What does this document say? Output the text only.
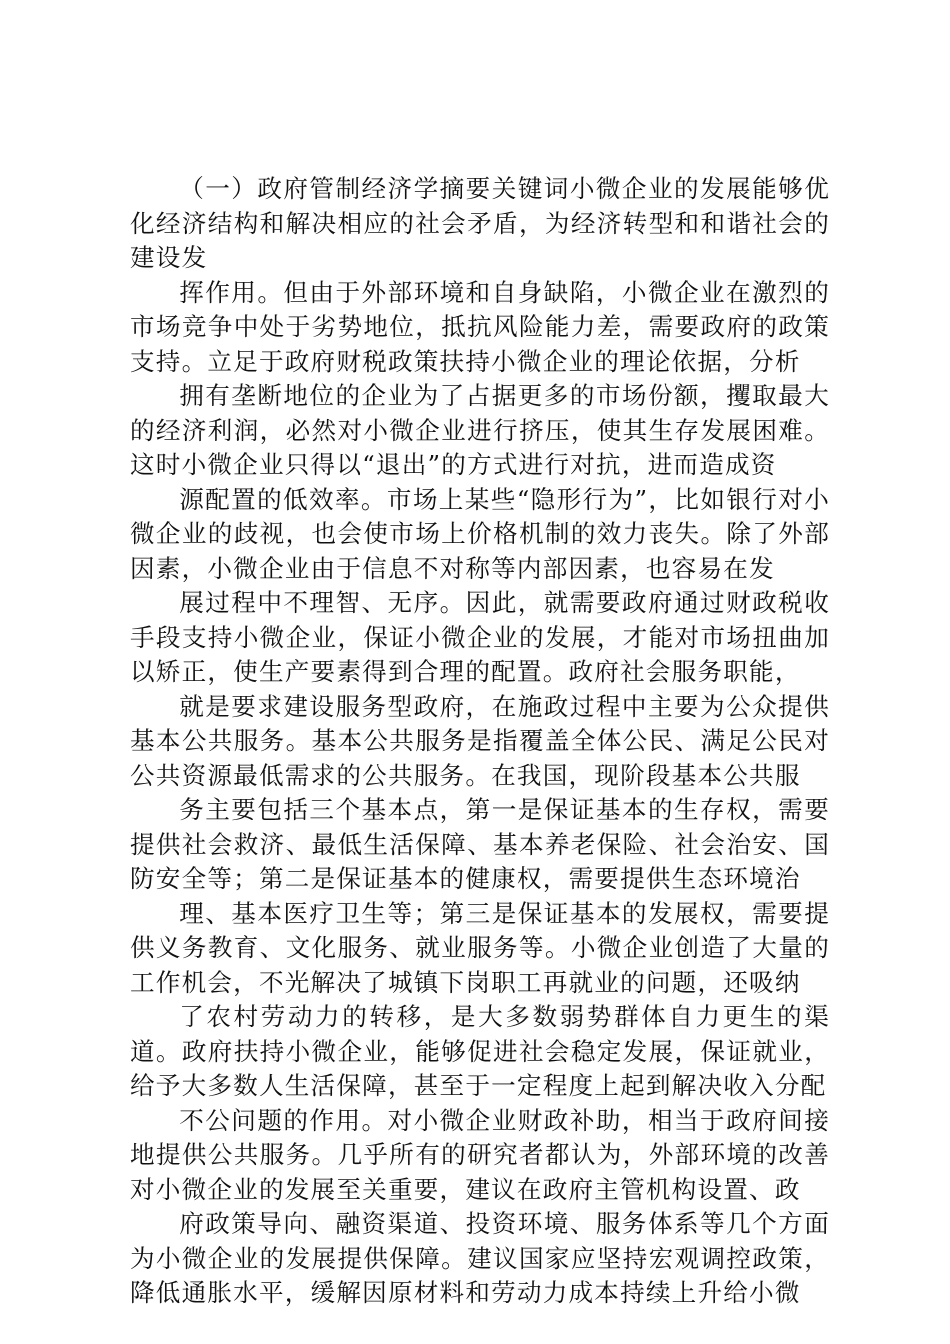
（一）政府管制经济学摘要关键词小微企业的发展能够优化经济结构和解决相应的社会矛盾，为经济转型和和谐社会的建设发

挥作用。但由于外部环境和自身缺陷，小微企业在激烈的市场竞争中处于劣势地位，抵抗风险能力差，需要政府的政策支持。立足于政府财税政策扶持小微企业的理论依据，分析

拥有垄断地位的企业为了占据更多的市场份额，攫取最大的经济利润，必然对小微企业进行挤压，使其生存发展困难。这时小微企业只得以“退出”的方式进行对抗，进而造成资

源配置的低效率。市场上某些“隐形行为”，比如银行对小微企业的歧视，也会使市场上价格机制的效力丧失。除了外部因素，小微企业由于信息不对称等内部因素，也容易在发

展过程中不理智、无序。因此，就需要政府通过财政税收手段支持小微企业，保证小微企业的发展，才能对市场扭曲加以矫正，使生产要素得到合理的配置。政府社会服务职能，

就是要求建设服务型政府，在施政过程中主要为公众提供基本公共服务。基本公共服务是指覆盖全体公民、满足公民对公共资源最低需求的公共服务。在我国，现阶段基本公共服

务主要包括三个基本点，第一是保证基本的生存权，需要提供社会救济、最低生活保障、基本养老保险、社会治安、国防安全等；第二是保证基本的健康权，需要提供生态环境治

理、基本医疗卫生等；第三是保证基本的发展权，需要提供义务教育、文化服务、就业服务等。小微企业创造了大量的工作机会，不光解决了城镇下岗职工再就业的问题，还吸纳

了农村劳动力的转移，是大多数弱势群体自力更生的渠道。政府扶持小微企业，能够促进社会稳定发展，保证就业，给予大多数人生活保障，甚至于一定程度上起到解决收入分配

不公问题的作用。对小微企业财政补助，相当于政府间接地提供公共服务。几乎所有的研究者都认为，外部环境的改善对小微企业的发展至关重要，建议在政府主管机构设置、政

府政策导向、融资渠道、投资环境、服务体系等几个方面为小微企业的发展提供保障。建议国家应坚持宏观调控政策，降低通胀水平，缓解因原材料和劳动力成本持续上升给小微
